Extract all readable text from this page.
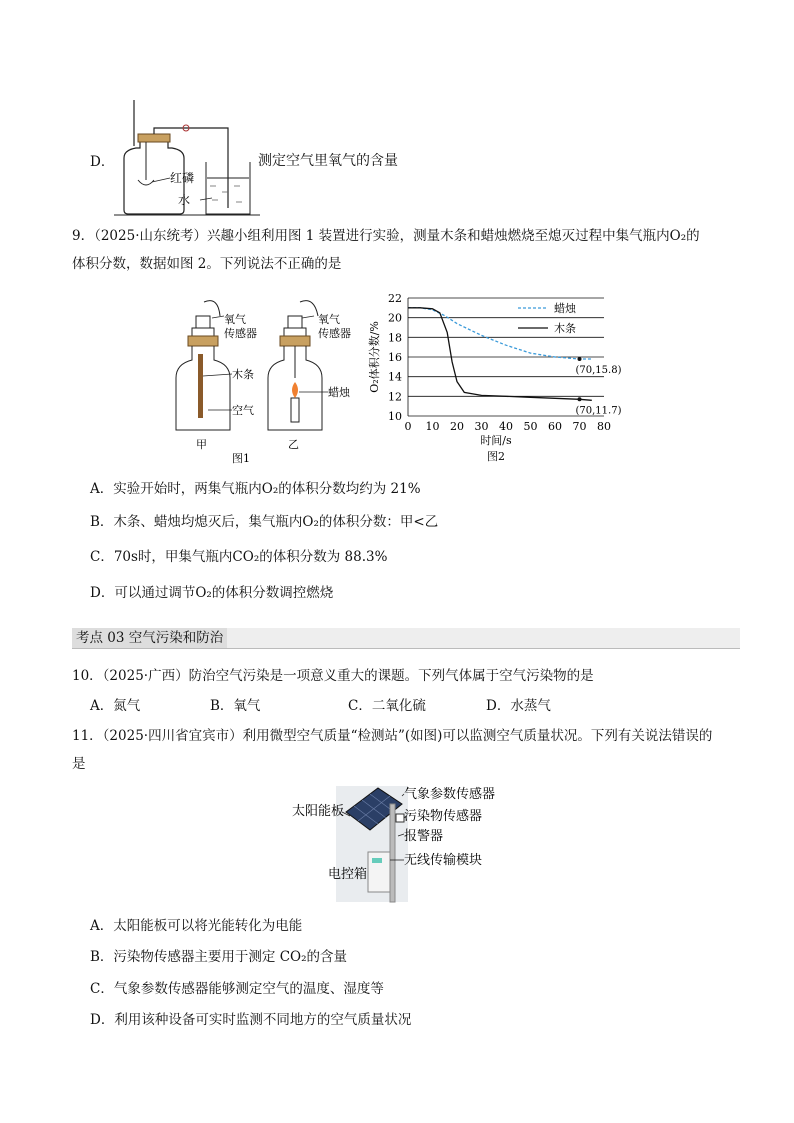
D．
红磷
水
测定空气里氧气的含量
9．（2025·山东统考）兴趣小组利用图 1 装置进行实验，测量木条和蜡烛燃烧至熄灭过程中集气瓶内O₂的
体积分数，数据如图 2。下列说法不正确的是
氧气
传感器
氧气
传感器
木条
空气
蜡烛
甲	乙
图1
10
12
14
16
18
20
22
0 10 20 30 40 50 60 70 80
时间/s
O₂体积分数/%
图2
蜡烛
木条
(70,15.8)
(70,11.7)
A．实验开始时，两集气瓶内O₂的体积分数均约为 21%
B．木条、蜡烛均熄灭后，集气瓶内O₂的体积分数：甲<乙
C．70s时，甲集气瓶内CO₂的体积分数为 88.3%
D．可以通过调节O₂的体积分数调控燃烧
考点 03 空气污染和防治
10．（2025·广西）防治空气污染是一项意义重大的课题。下列气体属于空气污染物的是
A．氮气	B．氧气	C．二氧化硫	D．水蒸气
11．（2025·四川省宜宾市）利用微型空气质量“检测站”(如图)可以监测空气质量状况。下列有关说法错误的
是
太阳能板
气象参数传感器
污染物传感器
报警器
无线传输模块
电控箱
A．太阳能板可以将光能转化为电能
B．污染物传感器主要用于测定 CO₂的含量
C．气象参数传感器能够测定空气的温度、湿度等
D．利用该种设备可实时监测不同地方的空气质量状况
